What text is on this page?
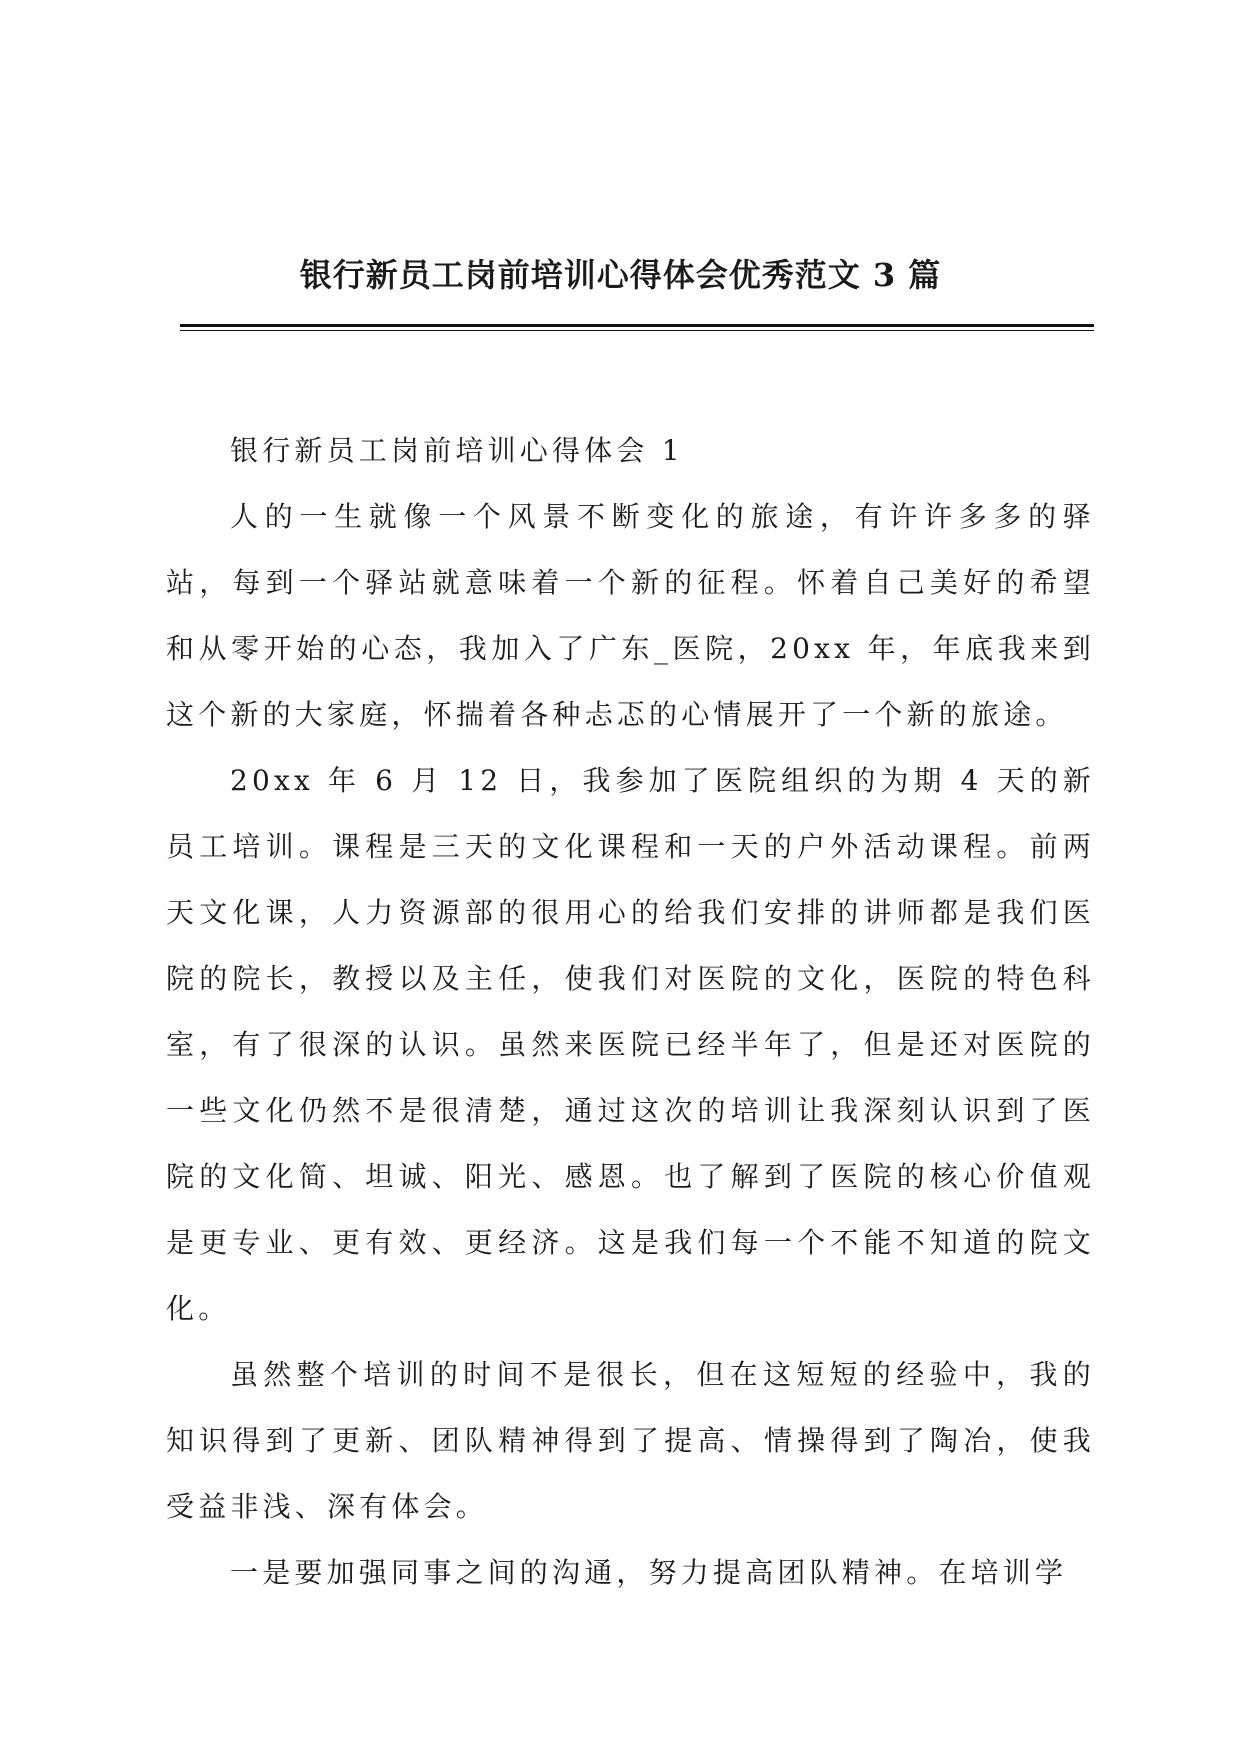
银行新员工岗前培训心得体会优秀范文 3 篇

银行新员工岗前培训心得体会 1

人的一生就像一个风景不断变化的旅途，有许许多多的驿站，每到一个驿站就意味着一个新的征程。怀着自己美好的希望和从零开始的心态，我加入了广东_医院，20xx 年，年底我来到这个新的大家庭，怀揣着各种忐忑的心情展开了一个新的旅途。

20xx 年 6 月 12 日，我参加了医院组织的为期 4 天的新员工培训。课程是三天的文化课程和一天的户外活动课程。前两天文化课，人力资源部的很用心的给我们安排的讲师都是我们医院的院长，教授以及主任，使我们对医院的文化，医院的特色科室，有了很深的认识。虽然来医院已经半年了，但是还对医院的一些文化仍然不是很清楚，通过这次的培训让我深刻认识到了医院的文化简、坦诚、阳光、感恩。也了解到了医院的核心价值观是更专业、更有效、更经济。这是我们每一个不能不知道的院文化。

虽然整个培训的时间不是很长，但在这短短的经验中，我的知识得到了更新、团队精神得到了提高、情操得到了陶冶，使我受益非浅、深有体会。

一是要加强同事之间的沟通，努力提高团队精神。在培训学
